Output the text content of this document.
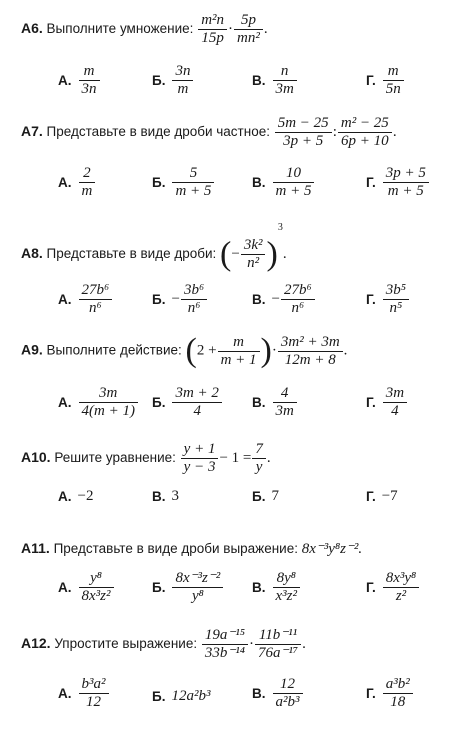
A6. Выполните умножение: $\frac{\text{m²n}}{15p} \cdot \frac{5p}{\text{mn²}}$ .
А. $\frac{m}{3n}$	Б. $\frac{3n}{m}$	В. $\frac{n}{3m}$	Г. $\frac{m}{5n}$
A7. Представьте в виде дроби частное: $\frac{5m - 25}{3p + 5}$ : $\frac{\text{m² − 25}}{6p + 10}$ .
А. $\frac{2}{m}$	Б. $\frac{5}{m + 5}$	В. $\frac{10}{m + 5}$	Г. $\frac{3p + 5}{m + 5}$
A8. Представьте в виде дроби: (− $\frac{\text{3k²}}{\text{n²}} )^3$.
А. $\frac{\text{27b⁶}}{\text{n⁶}}$	Б. − $\frac{\text{3b⁶}}{\text{n⁶}}$	В. − $\frac{\text{27b⁶}}{\text{n⁶}}$	Г. $\frac{\text{3b⁵}}{\text{n⁵}}$
A9. Выполните действие: ($2 + \frac{m}{m + 1}$ )· $\frac{\text{3m² + 3m}}{12m + 8}$ .
А. $\frac{3m}{4(m + 1)} Б$. $\frac{3m + 2}{4} В$. $\frac{4}{3m}$	Г. $\frac{3m}{4}$
A10. Решите уравнение: $\frac{y + 1}{y - 3} - 1 = \frac{7}{y}$ .
А. −2	В. 3	Б. 7	Г. −7
A11. Представьте в виде дроби выражение: 8x⁻³y⁸z⁻².
А. $\frac{\text{y⁸}}{\text{8x³z²}}$	Б. $\frac{\text{8x⁻³z⁻²}}{\text{y⁸}} В$. $\frac{\text{8y⁸}}{\text{x³z²}}$	Г. $\frac{\text{8x³y⁸}}{\text{z²}}$
A12. Упростите выражение: $\frac{\text{19a⁻¹⁵}}{\text{33b⁻¹⁴}} \cdot \frac{\text{11b⁻¹¹}}{\text{76a⁻¹⁷}}$ .
А. $\frac{\text{b³a²}}{12}$	Б. 12a²b³	В. $\frac{12}{\text{a²b³}}$	Г. $\frac{\text{a³b²}}{18}$
